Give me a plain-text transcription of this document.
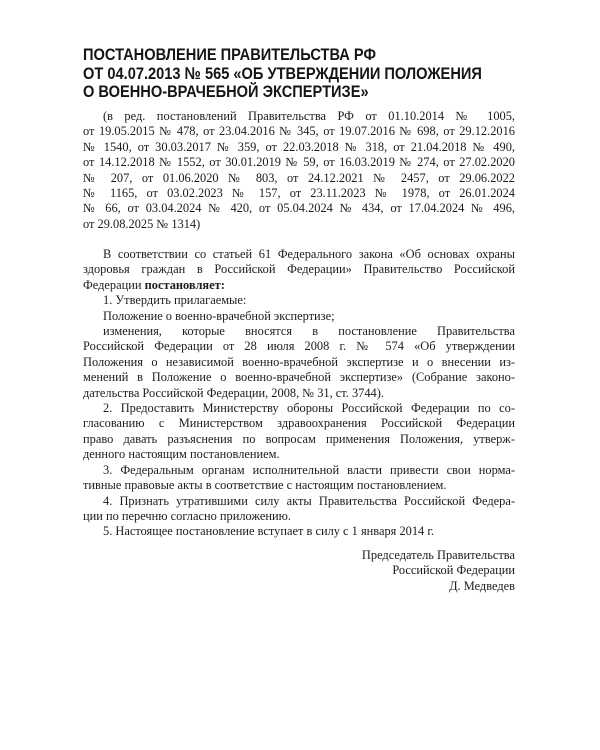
ПОСТАНОВЛЕНИЕ ПРАВИТЕЛЬСТВА РФ
ОТ 04.07.2013 № 565 «ОБ УТВЕРЖДЕНИИ ПОЛОЖЕНИЯ
О ВОЕННО-ВРАЧЕБНОЙ ЭКСПЕРТИЗЕ»
(в ред. постановлений Правительства РФ от 01.10.2014 № 1005,
от 19.05.2015 № 478, от 23.04.2016 № 345, от 19.07.2016 № 698, от 29.12.2016
№ 1540, от 30.03.2017 № 359, от 22.03.2018 № 318, от 21.04.2018 № 490,
от 14.12.2018 № 1552, от 30.01.2019 № 59, от 16.03.2019 № 274, от 27.02.2020
№ 207, от 01.06.2020 № 803, от 24.12.2021 № 2457, от 29.06.2022
№ 1165, от 03.02.2023 № 157, от 23.11.2023 № 1978, от 26.01.2024
№ 66, от 03.04.2024 № 420, от 05.04.2024 № 434, от 17.04.2024 № 496,
от 29.08.2025 № 1314)
В соответствии со статьей 61 Федерального закона «Об основах охраны
здоровья граждан в Российской Федерации» Правительство Российской
Федерации постановляет:
1. Утвердить прилагаемые:
Положение о военно-врачебной экспертизе;
изменения, которые вносятся в постановление Правительства
Российской Федерации от 28 июля 2008 г. № 574 «Об утверждении
Положения о независимой военно-врачебной экспертизе и о внесении из-
менений в Положение о военно-врачебной экспертизе» (Собрание законо-
дательства Российской Федерации, 2008, № 31, ст. 3744).
2. Предоставить Министерству обороны Российской Федерации по со-
гласованию с Министерством здравоохранения Российской Федерации
право давать разъяснения по вопросам применения Положения, утверж-
денного настоящим постановлением.
3. Федеральным органам исполнительной власти привести свои норма-
тивные правовые акты в соответствие с настоящим постановлением.
4. Признать утратившими силу акты Правительства Российской Федера-
ции по перечню согласно приложению.
5. Настоящее постановление вступает в силу с 1 января 2014 г.
Председатель Правительства
Российской Федерации
Д. Медведев
